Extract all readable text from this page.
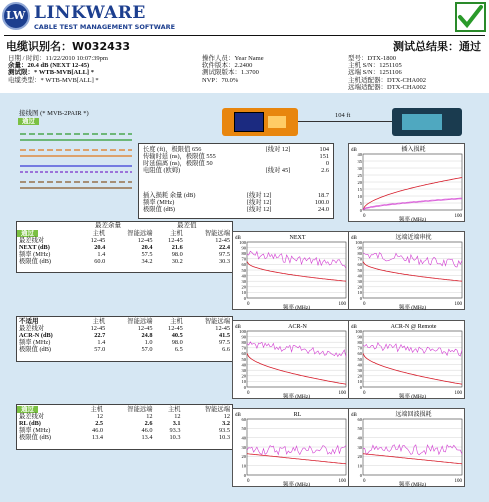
LW LINKWARE
CABLE TEST MANAGEMENT SOFTWARE
电缆识别名：W032433	测试总结果：通过
日期 / 时间：11/22/2010 10:07:39pm
余量：20.4 dB (NEXT 12-45)
测试限：* WTB-MVB[ALL] *
电缆类型：* WTB-MVB[ALL] *
操作人员：Year Name
软件版本：2.2400
测试限版本：1.3700
NVP：70.0%
型号：DTX-1800
主机 S/N：1251105
远端 S/N：1251106
主机适配器：DTX-CHA002
远端适配器：DTX-CHA002
接线图 (* MVB-2PAIR *)
通过
104 ft
长度 (ft)，极限值 656	[线对 12]	104
传输时延 (ns)，极限值 555		151
时延偏离 (ns)，极限值 50		0
电阻值 (欧姆)	[线对 45]	2.6
插入损耗 余量 (dB)	[线对 12]	18.7
频率 (MHz)	[线对 12]	100.0
极限值 (dB)	[线对 12]	24.0
通过
最差余量	最差值
	主机	智能远端	主机	智能远端
最差线对	12-45	12-45	12-45	12-45
NEXT (dB)	20.4	20.4	21.6	22.4
频率 (MHz)	1.4	57.5	98.0	97.5
极限值 (dB)	60.0	34.2	30.2	30.3
不适用
		主机	智能远端	主机	智能远端
最差线对	12-45	12-45	12-45	12-45
ACR-N (dB)	22.7	24.8	40.5	41.5
频率 (MHz)	1.4	1.0	98.0	97.5
极限值 (dB)	57.0	57.0	6.5	6.6
通过
		主机	智能远端	主机	智能远端
最差线对	12	12	12	12
RL (dB)	2.5	2.6	3.1	3.2
频率 (MHz)	46.0	46.0	93.3	93.5
极限值 (dB)	13.4	13.4	10.3	10.3
插入损耗
dB
40
35
30
25
20
15
10
5
0
0	100
频率 (MHz)
NEXT
dB
100
90
80
70
60
50
40
30
20
10
0
0	100
频率 (MHz)
远端近端串扰
dB
100
90
80
70
60
50
40
30
20
10
0
0	100
频率 (MHz)
ACR-N
dB
100
90
80
70
60
50
40
30
20
10
0
0	100
频率 (MHz)
ACR-N @ Remote
dB
100
90
80
70
60
50
40
30
20
10
0
0	100
频率 (MHz)
RL
dB
60
50
40
30
20
10
0
0	100
频率 (MHz)
远端回波损耗
dB
60
50
40
30
20
10
0
0	100
频率 (MHz)
